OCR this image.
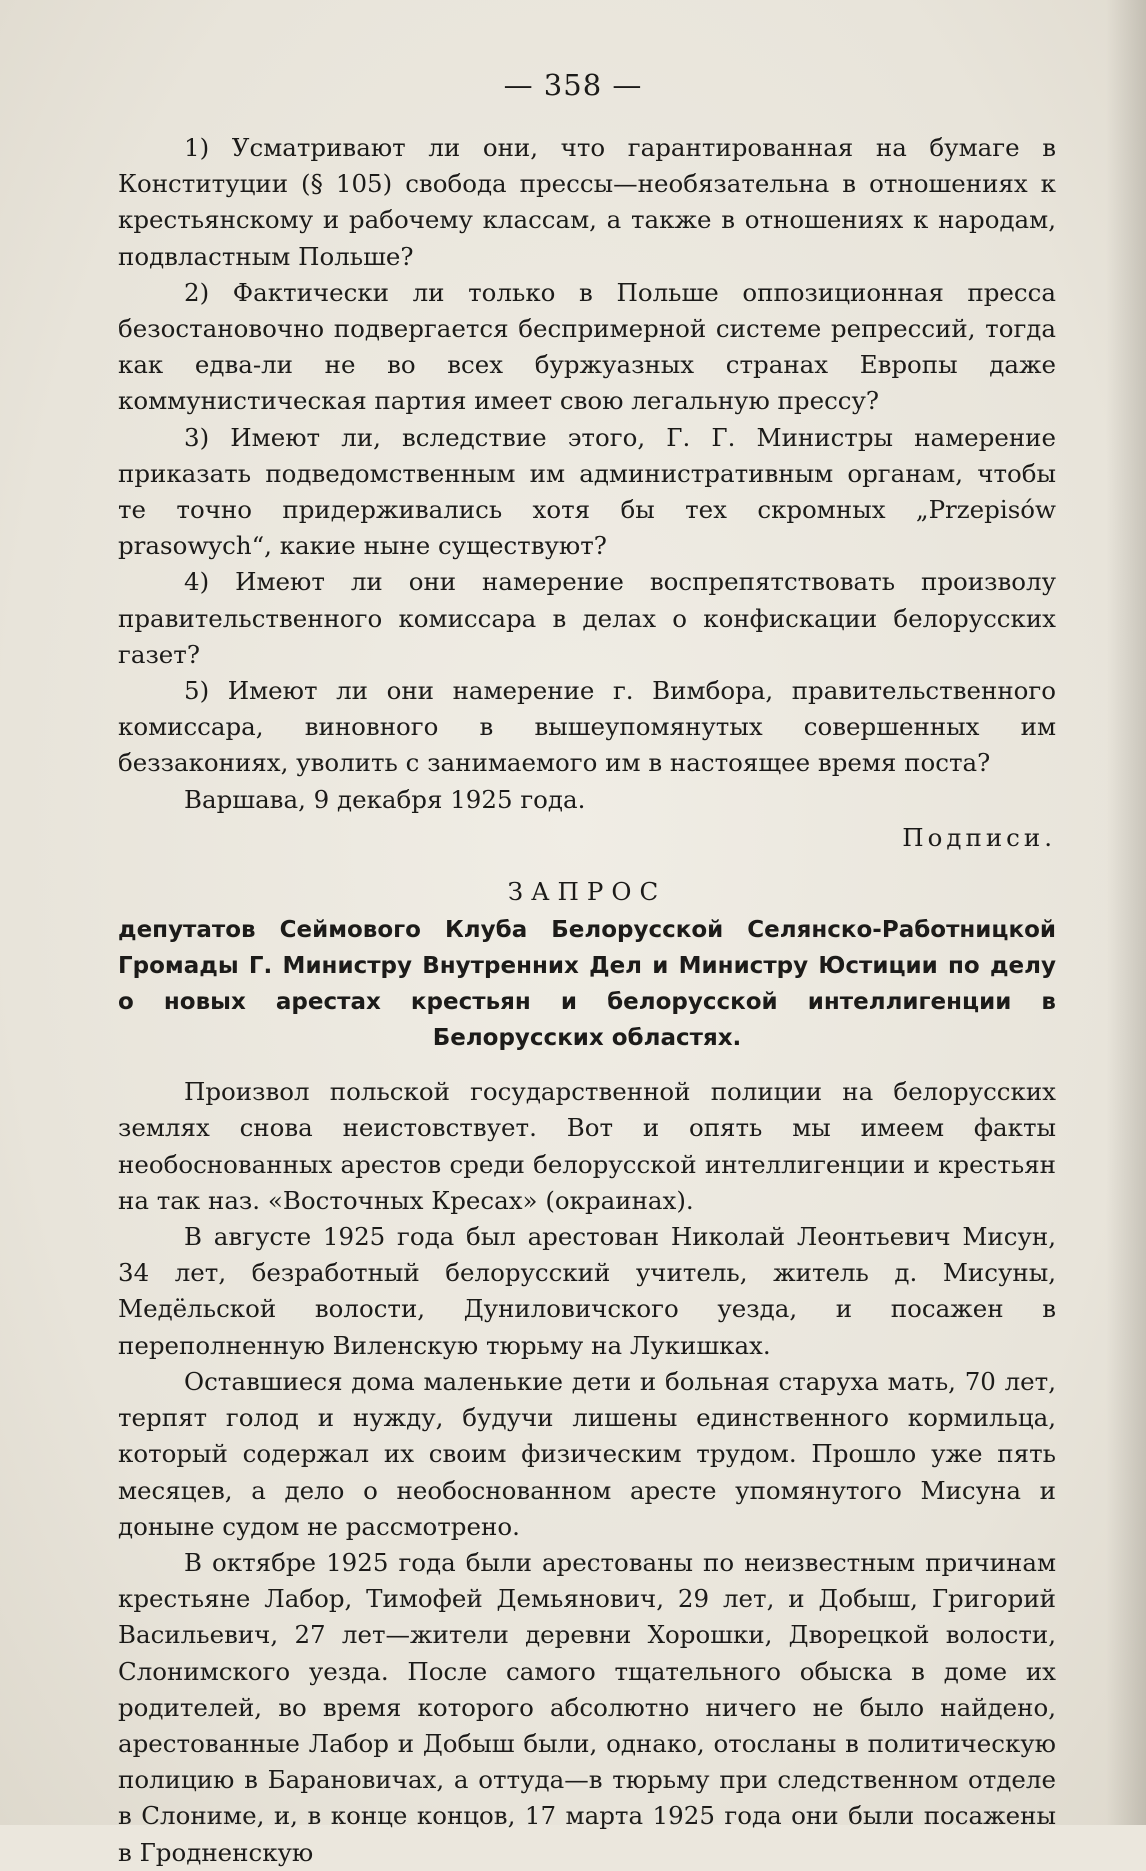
— 358 —

1) Усматривают ли они, что гарантированная на бумаге в Конституции (§ 105) свобода прессы—необязательна в отношениях к крестьянскому и рабочему классам, а также в отношениях к народам, подвластным Польше?

2) Фактически ли только в Польше оппозиционная пресса безостановочно подвергается беспримерной системе репрессий, тогда как едва-ли не во всех буржуазных странах Европы даже коммунистическая партия имеет свою легальную прессу?

3) Имеют ли, вследствие этого, Г. Г. Министры намерение приказать подведомственным им административным органам, чтобы те точно придерживались хотя бы тех скромных „Przepisów prasowych“, какие ныне существуют?

4) Имеют ли они намерение воспрепятствовать произволу правительственного комиссара в делах о конфискации белорусских газет?

5) Имеют ли они намерение г. Вимбора, правительственного комиссара, виновного в вышеупомянутых совершенных им беззакониях, уволить с занимаемого им в настоящее время поста?

Варшава, 9 декабря 1925 года.

Подписи.
ЗАПРОС
депутатов Сеймового Клуба Белорусской Селянско-Работницкой Громады Г. Министру Внутренних Дел и Министру Юстиции по делу о новых арестах крестьян и белорусской интеллигенции в Белорусских областях.

Произвол польской государственной полиции на белорусских землях снова неистовствует. Вот и опять мы имеем факты необоснованных арестов среди белорусской интеллигенции и крестьян на так наз. «Восточных Кресах» (окраинах).

В августе 1925 года был арестован Николай Леонтьевич Мисун, 34 лет, безработный белорусский учитель, житель д. Мисуны, Медёльской волости, Дуниловичского уезда, и посажен в переполненную Виленскую тюрьму на Лукишках.

Оставшиеся дома маленькие дети и больная старуха мать, 70 лет, терпят голод и нужду, будучи лишены единственного кормильца, который содержал их своим физическим трудом. Прошло уже пять месяцев, а дело о необоснованном аресте упомянутого Мисуна и доныне судом не рассмотрено.

В октябре 1925 года были арестованы по неизвестным причинам крестьяне Лабор, Тимофей Демьянович, 29 лет, и Добыш, Григорий Васильевич, 27 лет—жители деревни Хорошки, Дворецкой волости, Слонимского уезда. После самого тщательного обыска в доме их родителей, во время которого абсолютно ничего не было найдено, арестованные Лабор и Добыш были, однако, отосланы в политическую полицию в Барановичах, а оттуда—в тюрьму при следственном отделе в Слониме, и, в конце концов, 17 марта 1925 года они были посажены в Гродненскую
